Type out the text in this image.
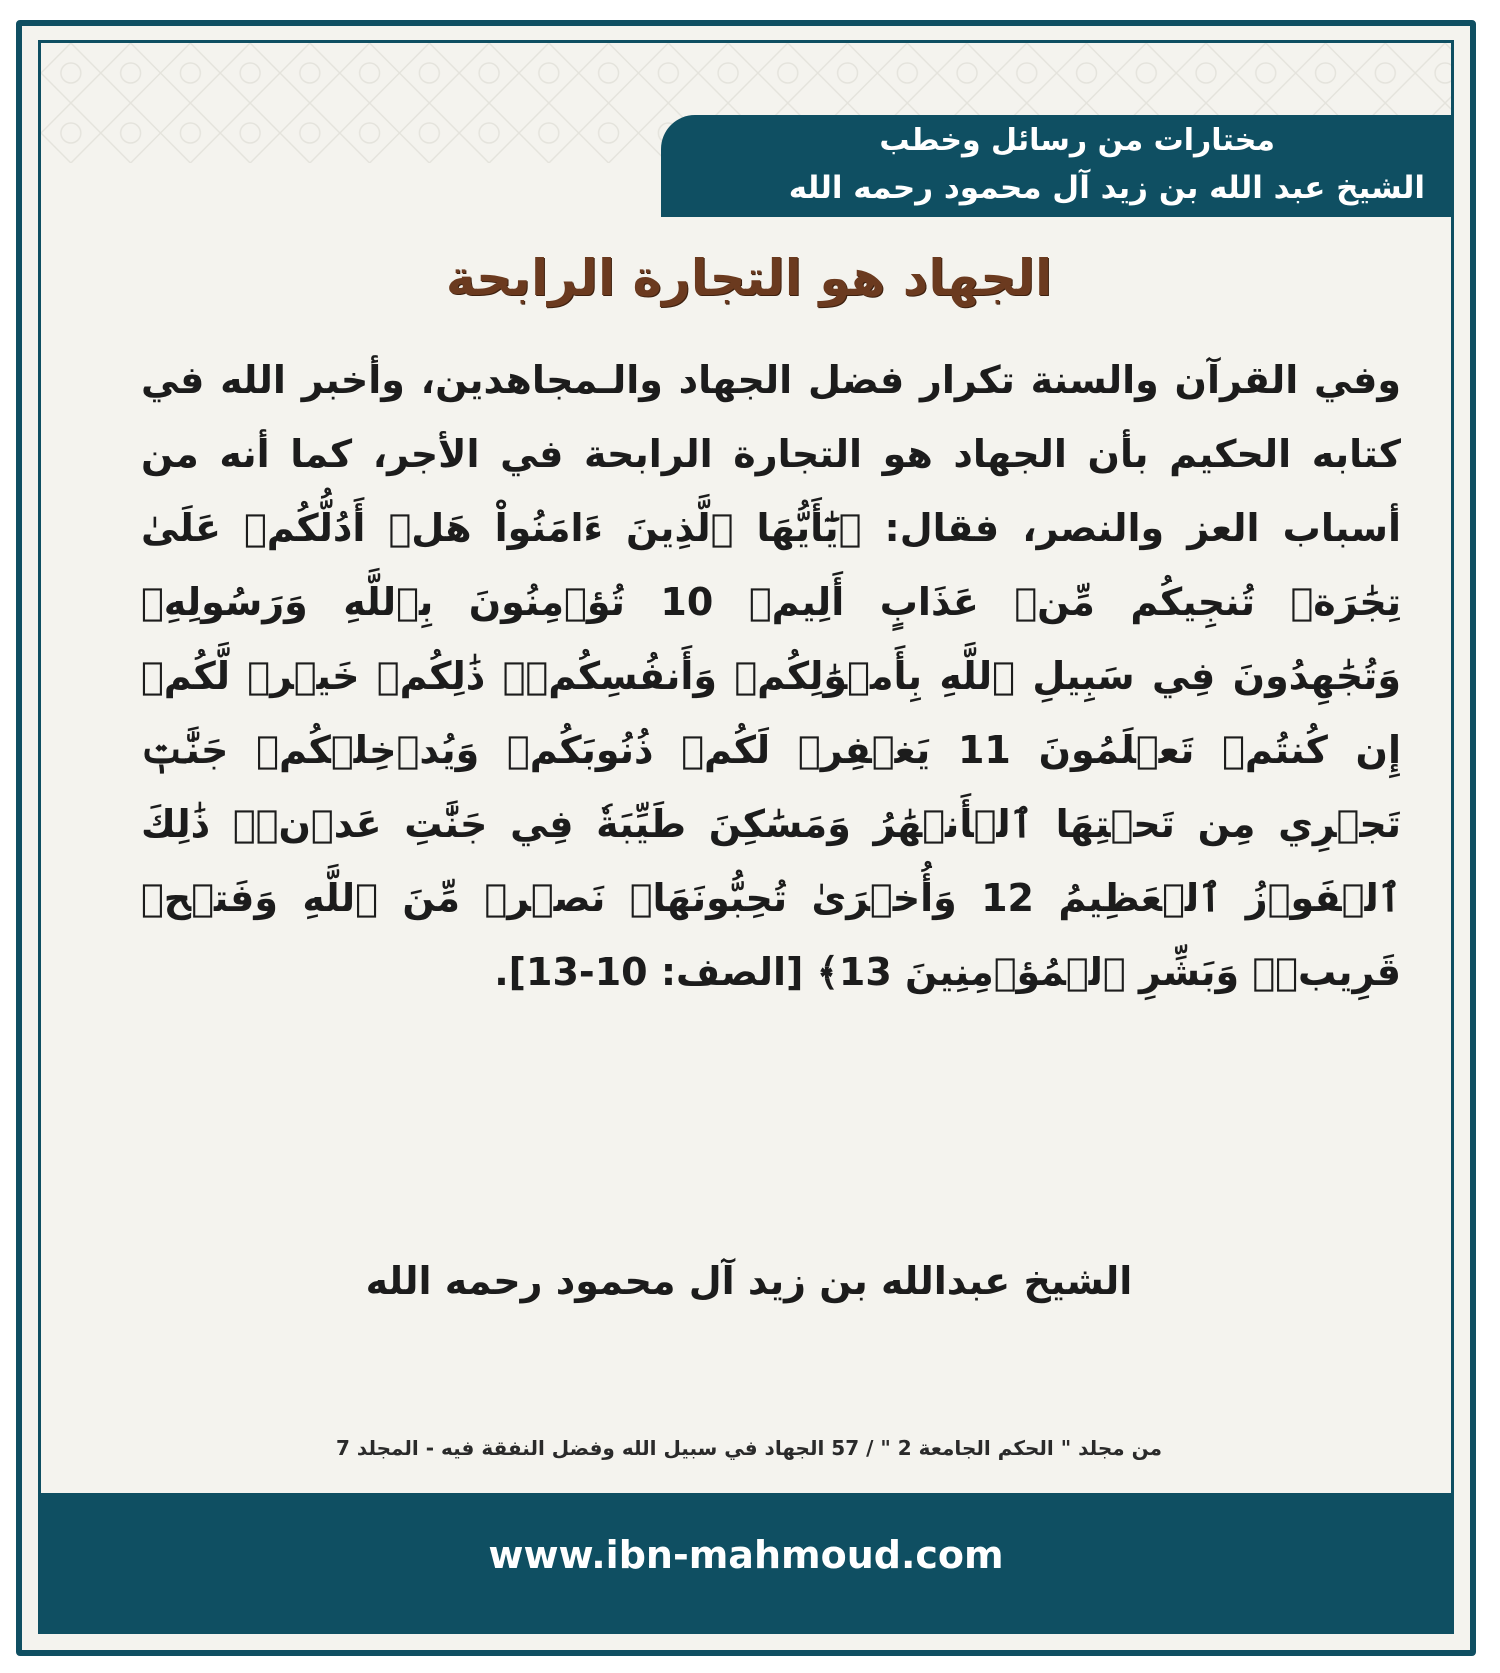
مختارات من رسائل وخطب
الشيخ عبد الله بن زيد آل محمود رحمه الله
الجهاد هو التجارة الرابحة

وفي القرآن والسنة تكرار فضل الجهاد والـمجاهدين، وأخبر الله في كتابه الحكيم بأن الجهاد هو التجارة الرابحة في الأجر، كما أنه من أسباب العز والنصر، فقال: ﴿يَٰٓأَيُّهَا ٱلَّذِينَ ءَامَنُواْ هَلۡ أَدُلُّكُمۡ عَلَىٰ تِجَٰرَةٖ تُنجِيكُم مِّنۡ عَذَابٍ أَلِيمٖ 10 تُؤۡمِنُونَ بِٱللَّهِ وَرَسُولِهِۦ وَتُجَٰهِدُونَ فِي سَبِيلِ ٱللَّهِ بِأَمۡوَٰلِكُمۡ وَأَنفُسِكُمۡۚ ذَٰلِكُمۡ خَيۡرٞ لَّكُمۡ إِن كُنتُمۡ تَعۡلَمُونَ 11 يَغۡفِرۡ لَكُمۡ ذُنُوبَكُمۡ وَيُدۡخِلۡكُمۡ جَنَّٰتٖ تَجۡرِي مِن تَحۡتِهَا ٱلۡأَنۡهَٰرُ وَمَسَٰكِنَ طَيِّبَةٗ فِي جَنَّٰتِ عَدۡنٖۚ ذَٰلِكَ ٱلۡفَوۡزُ ٱلۡعَظِيمُ 12 وَأُخۡرَىٰ تُحِبُّونَهَاۖ نَصۡرٞ مِّنَ ٱللَّهِ وَفَتۡحٞ قَرِيبٞۗ وَبَشِّرِ ٱلۡمُؤۡمِنِينَ 13﴾ [الصف: 10-13].

الشيخ عبدالله بن زيد آل محمود رحمه الله
من مجلد " الحكم الجامعة 2 " / 57 الجهاد في سبيل الله وفضل النفقة فيه - المجلد 7
www.ibn-mahmoud.com
